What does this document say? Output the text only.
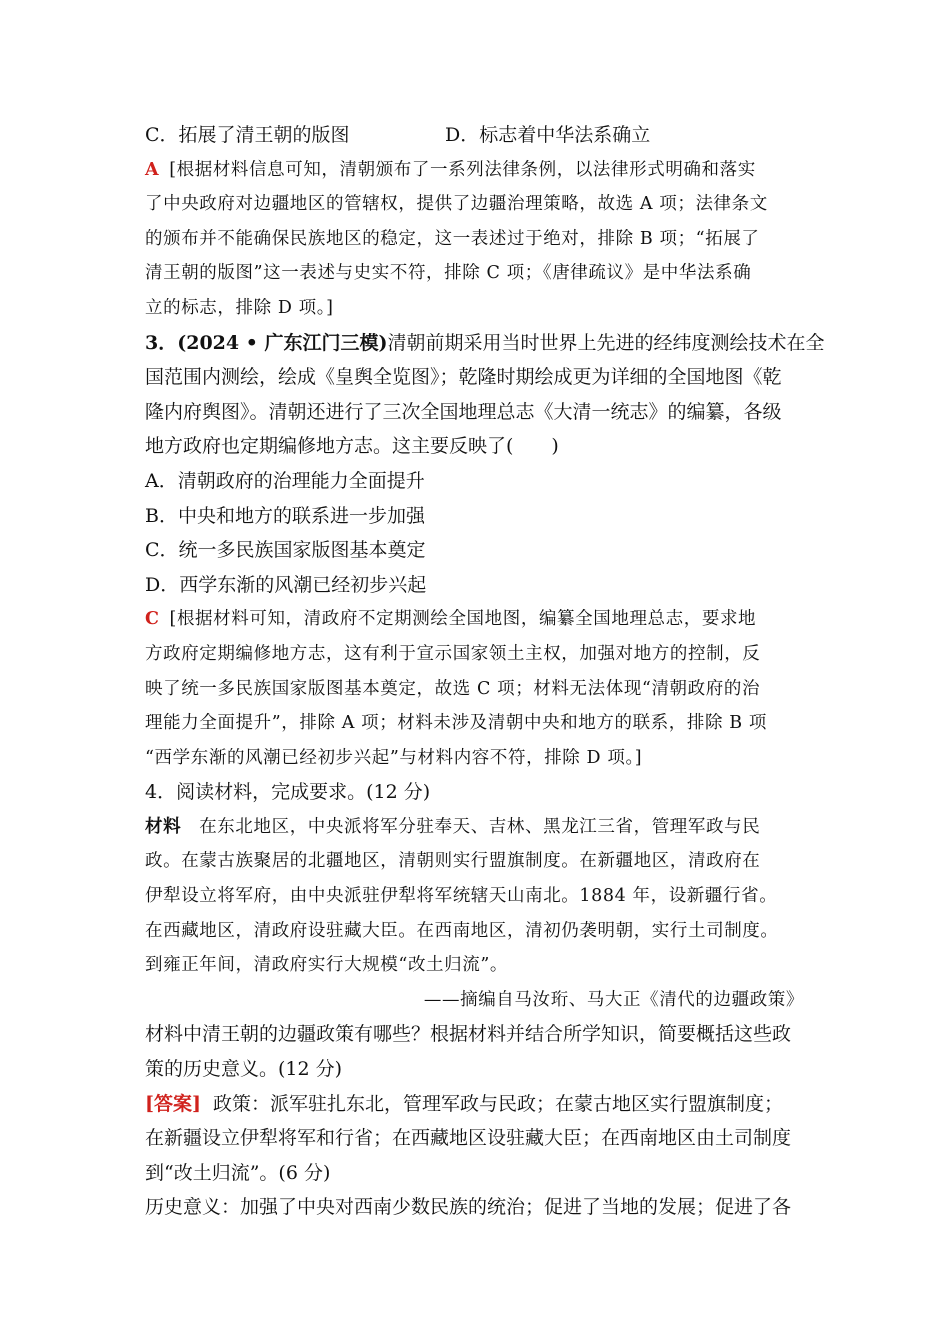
C．拓展了清王朝的版图	D．标志着中华法系确立
A [根据材料信息可知，清朝颁布了一系列法律条例，以法律形式明确和落实
了中央政府对边疆地区的管辖权，提供了边疆治理策略，故选 A 项；法律条文
的颁布并不能确保民族地区的稳定，这一表述过于绝对，排除 B 项；“拓展了
清王朝的版图”这一表述与史实不符，排除 C 项；《唐律疏议》是中华法系确
立的标志，排除 D 项。]
3．(2024 • 广东江门三模)清朝前期采用当时世界上先进的经纬度测绘技术在全
国范围内测绘，绘成《皇舆全览图》；乾隆时期绘成更为详细的全国地图《乾
隆内府舆图》。清朝还进行了三次全国地理总志《大清一统志》的编纂，各级
地方政府也定期编修地方志。这主要反映了(　　)
A．清朝政府的治理能力全面提升
B．中央和地方的联系进一步加强
C．统一多民族国家版图基本奠定
D．西学东渐的风潮已经初步兴起
C [根据材料可知，清政府不定期测绘全国地图，编纂全国地理总志，要求地
方政府定期编修地方志，这有利于宣示国家领土主权，加强对地方的控制，反
映了统一多民族国家版图基本奠定，故选 C 项；材料无法体现“清朝政府的治
理能力全面提升”，排除 A 项；材料未涉及清朝中央和地方的联系，排除 B 项
“西学东渐的风潮已经初步兴起”与材料内容不符，排除 D 项。]
4．阅读材料，完成要求。(12 分)
材料 在东北地区，中央派将军分驻奉天、吉林、黑龙江三省，管理军政与民
政。在蒙古族聚居的北疆地区，清朝则实行盟旗制度。在新疆地区，清政府在
伊犁设立将军府，由中央派驻伊犁将军统辖天山南北。1884 年，设新疆行省。
在西藏地区，清政府设驻藏大臣。在西南地区，清初仍袭明朝，实行土司制度。
到雍正年间，清政府实行大规模“改土归流”。
——摘编自马汝珩、马大正《清代的边疆政策》
材料中清王朝的边疆政策有哪些？根据材料并结合所学知识，简要概括这些政
策的历史意义。(12 分)
[答案] 政策：派军驻扎东北，管理军政与民政；在蒙古地区实行盟旗制度；
在新疆设立伊犁将军和行省；在西藏地区设驻藏大臣；在西南地区由土司制度
到“改土归流”。(6 分)
历史意义：加强了中央对西南少数民族的统治；促进了当地的发展；促进了各
